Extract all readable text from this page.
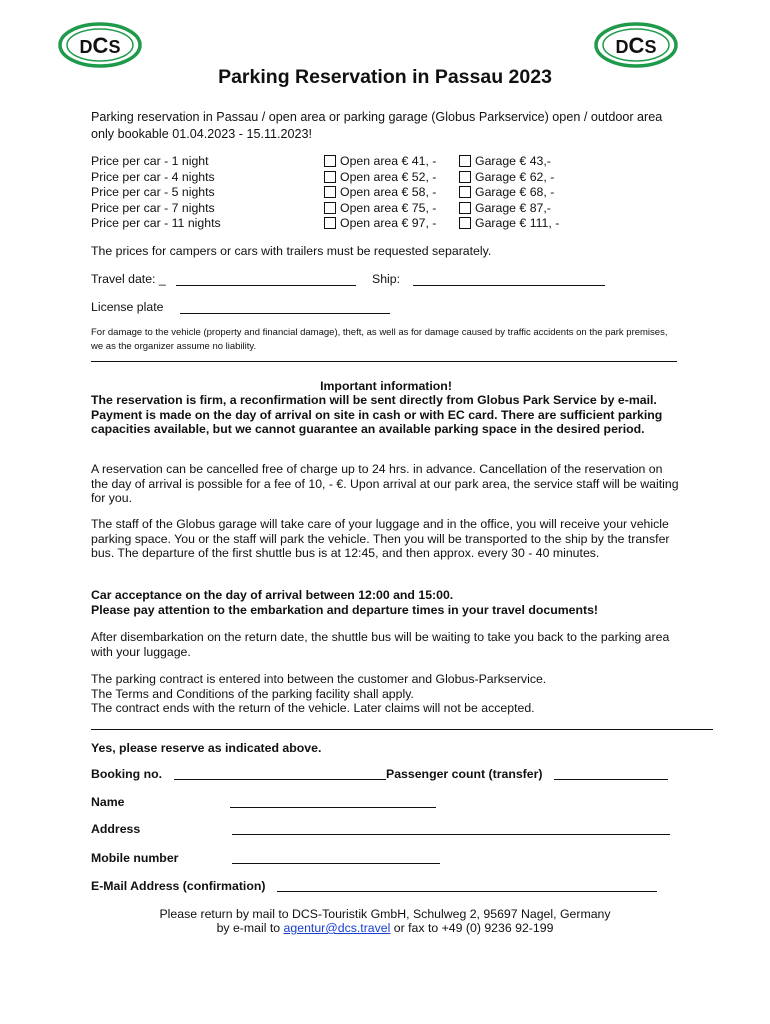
DCS	DCS
Parking Reservation in Passau 2023
Parking reservation in Passau / open area or parking garage (Globus Parkservice) open / outdoor area only bookable 01.04.2023 - 15.11.2023!
Price per car - 1 night	Open area € 41, -	Garage € 43,-
Price per car - 4 nights	Open area € 52, -	Garage € 62, -
Price per car - 5 nights	Open area € 58, -	Garage € 68, -
Price per car - 7 nights	Open area € 75, -	Garage € 87,-
Price per car - 11 nights	Open area € 97, -	Garage € 111, -
The prices for campers or cars with trailers must be requested separately.
Travel date: _	Ship:
License plate
For damage to the vehicle (property and financial damage), theft, as well as for damage caused by traffic accidents on the park premises, we as the organizer assume no liability.
Important information!
The reservation is firm, a reconfirmation will be sent directly from Globus Park Service by e-mail. Payment is made on the day of arrival on site in cash or with EC card. There are sufficient parking capacities available, but we cannot guarantee an available parking space in the desired period.
A reservation can be cancelled free of charge up to 24 hrs. in advance. Cancellation of the reservation on the day of arrival is possible for a fee of 10, - €. Upon arrival at our park area, the service staff will be waiting for you.
The staff of the Globus garage will take care of your luggage and in the office, you will receive your vehicle parking space. You or the staff will park the vehicle. Then you will be transported to the ship by the transfer bus. The departure of the first shuttle bus is at 12:45, and then approx. every 30 - 40 minutes.
Car acceptance on the day of arrival between 12:00 and 15:00.
Please pay attention to the embarkation and departure times in your travel documents!
After disembarkation on the return date, the shuttle bus will be waiting to take you back to the parking area with your luggage.
The parking contract is entered into between the customer and Globus-Parkservice.
The Terms and Conditions of the parking facility shall apply.
The contract ends with the return of the vehicle. Later claims will not be accepted.
Yes, please reserve as indicated above.
Booking no.	Passenger count (transfer)
Name
Address
Mobile number
E-Mail Address (confirmation)
Please return by mail to DCS-Touristik GmbH, Schulweg 2, 95697 Nagel, Germany
by e-mail to agentur@dcs.travel or fax to +49 (0) 9236 92-199
